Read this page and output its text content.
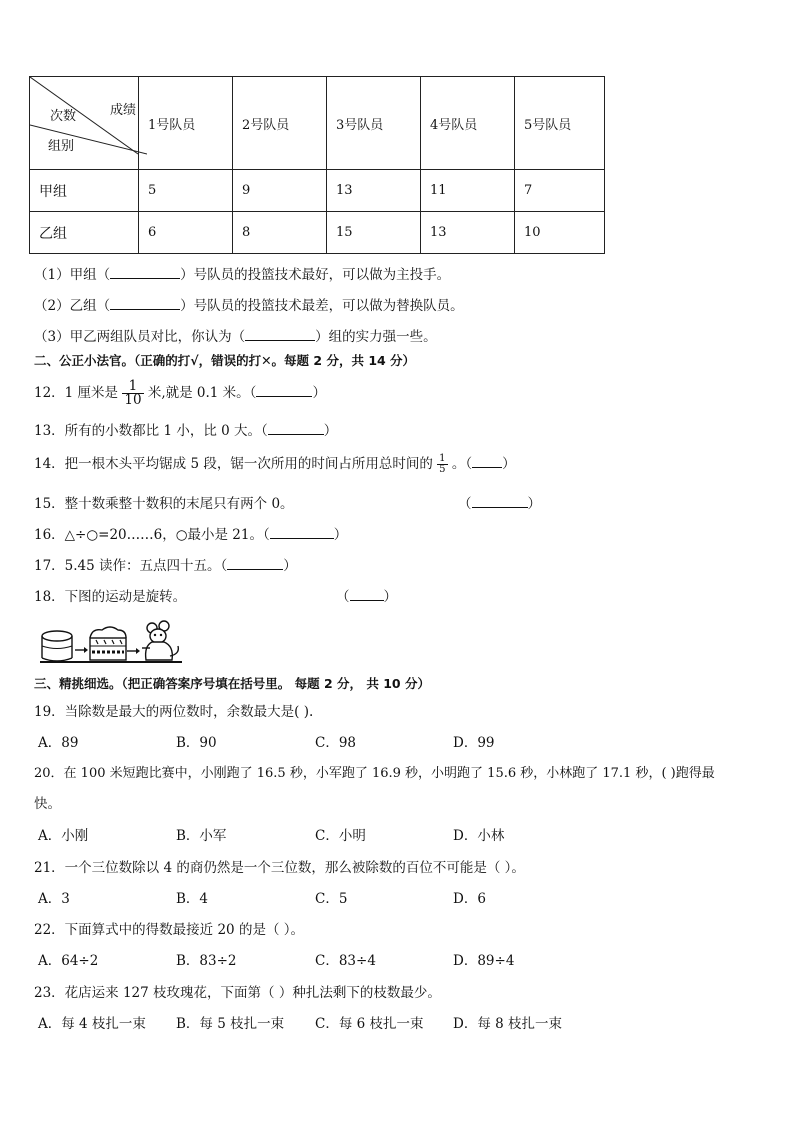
成绩
次数
组别	1号队员	2号队员	3号队员	4号队员	5号队员
甲组	5	9	13	11	7
乙组	6	8	15	13	10
（1）甲组（	）号队员的投篮技术最好，可以做为主投手。
（2）乙组（	）号队员的投篮技术最差，可以做为替换队员。
（3）甲乙两组队员对比，你认为（	）组的实力强一些。
二、公正小法官。（正确的打√，错误的打✕。每题 2 分，共 14 分）
12．1 厘米是 $\frac{1}{10}$ 米,就是 0.1 米。（	）
13．所有的小数都比 1 小，比 0 大。（	）
14．把一根木头平均锯成 5 段，锯一次所用的时间占所用总时间的 $\frac{1}{5}$ 。（ ）
15．整十数乘整十数积的末尾只有两个 0。	（	）
16．△÷○=20……6，○最小是 21。（	）
17．5.45 读作：五点四十五。（	）
18．下图的运动是旋转。	（	）
三、精挑细选。（把正确答案序号填在括号里。 每题 2 分， 共 10 分）
19．当除数是最大的两位数时，余数最大是( ).
A．89	B．90	C．98	D．99
20．在 100 米短跑比赛中，小刚跑了 16.5 秒，小军跑了 16.9 秒，小明跑了 15.6 秒，小林跑了 17.1 秒，( )跑得最
快。
A．小刚	B．小军	C．小明	D．小林
21．一个三位数除以 4 的商仍然是一个三位数，那么被除数的百位不可能是（ ）。
A．3	B．4	C．5	D．6
22．下面算式中的得数最接近 20 的是（ ）。
A．64÷2	B．83÷2	C．83÷4	D．89÷4
23．花店运来 127 枝玫瑰花，下面第（ ）种扎法剩下的枝数最少。
A．每 4 枝扎一束 B．每 5 枝扎一束 C．每 6 枝扎一束 D．每 8 枝扎一束
